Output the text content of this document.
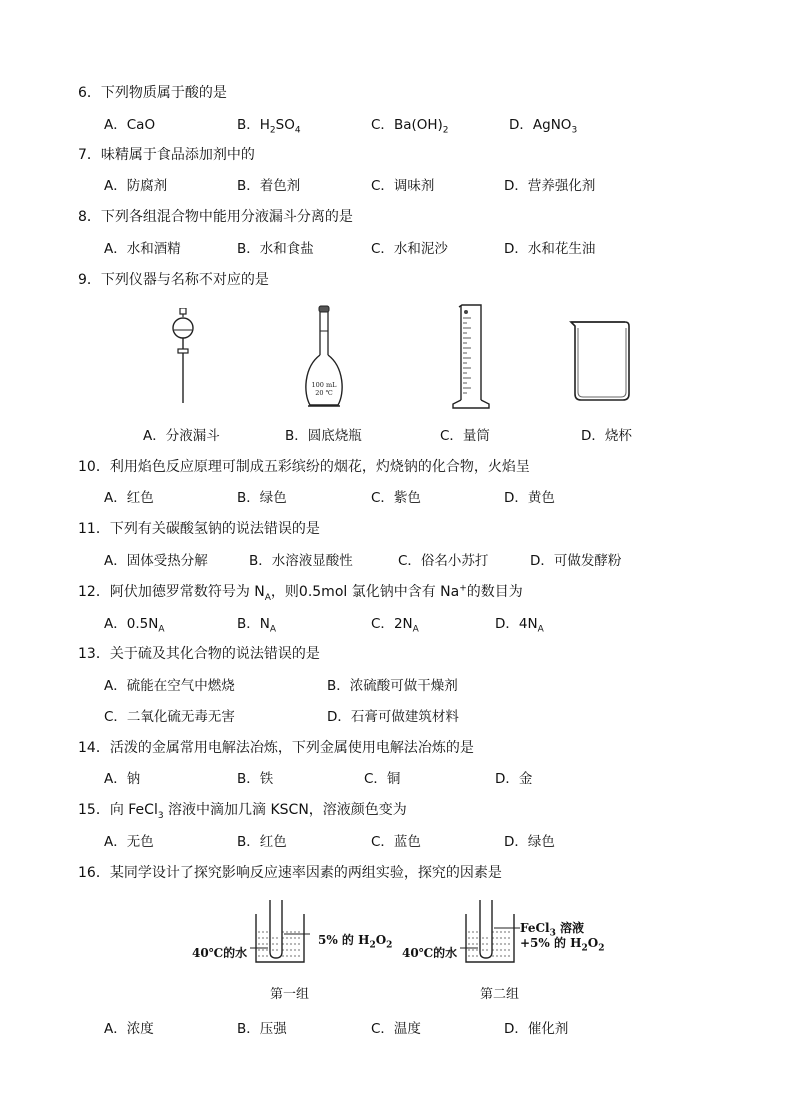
6．下列物质属于酸的是
A．CaO	B．$H_2SO_4$	C．$Ba(OH)_2$	D．AgNO$_3$
7．味精属于食品添加剂中的
A．防腐剂	B．着色剂	C．调味剂	D．营养强化剂
8．下列各组混合物中能用分液漏斗分离的是
A．水和酒精	B．水和食盐	C．水和泥沙	D．水和花生油
9．下列仪器与名称不对应的是
100 mL
20 ℃
A．分液漏斗	B．圆底烧瓶	C．量筒	D．烧杯
10．利用焰色反应原理可制成五彩缤纷的烟花，灼烧钠的化合物，火焰呈
A．红色	B．绿色	C．紫色	D．黄色
11．下列有关碳酸氢钠的说法错误的是
A．固体受热分解	B．水溶液显酸性	C．俗名小苏打	D．可做发酵粉
12．阿伏加德罗常数符号为 $N_A$，则0.5mol 氯化钠中含有 Na+的数目为
A．$0.5N_A$	B．$N_A$	C．$2N_A$	D．$4N_A$
13．关于硫及其化合物的说法错误的是
A．硫能在空气中燃烧	B．浓硫酸可做干燥剂
C．二氧化硫无毒无害	D．石膏可做建筑材料
14．活泼的金属常用电解法冶炼，下列金属使用电解法冶炼的是
A．钠	B．铁	C．铜	D．金
15．向 FeCl$_3$ 溶液中滴加几滴 KSCN，溶液颜色变为
A．无色	B．红色	C．蓝色	D．绿色
16．某同学设计了探究影响反应速率因素的两组实验，探究的因素是
40℃的水
5% 的 $H_2O_2$
第一组
40℃的水
FeCl$_3$ 溶液
+5% 的 $H_2O_2$
第二组
A．浓度	B．压强	C．温度	D．催化剂
